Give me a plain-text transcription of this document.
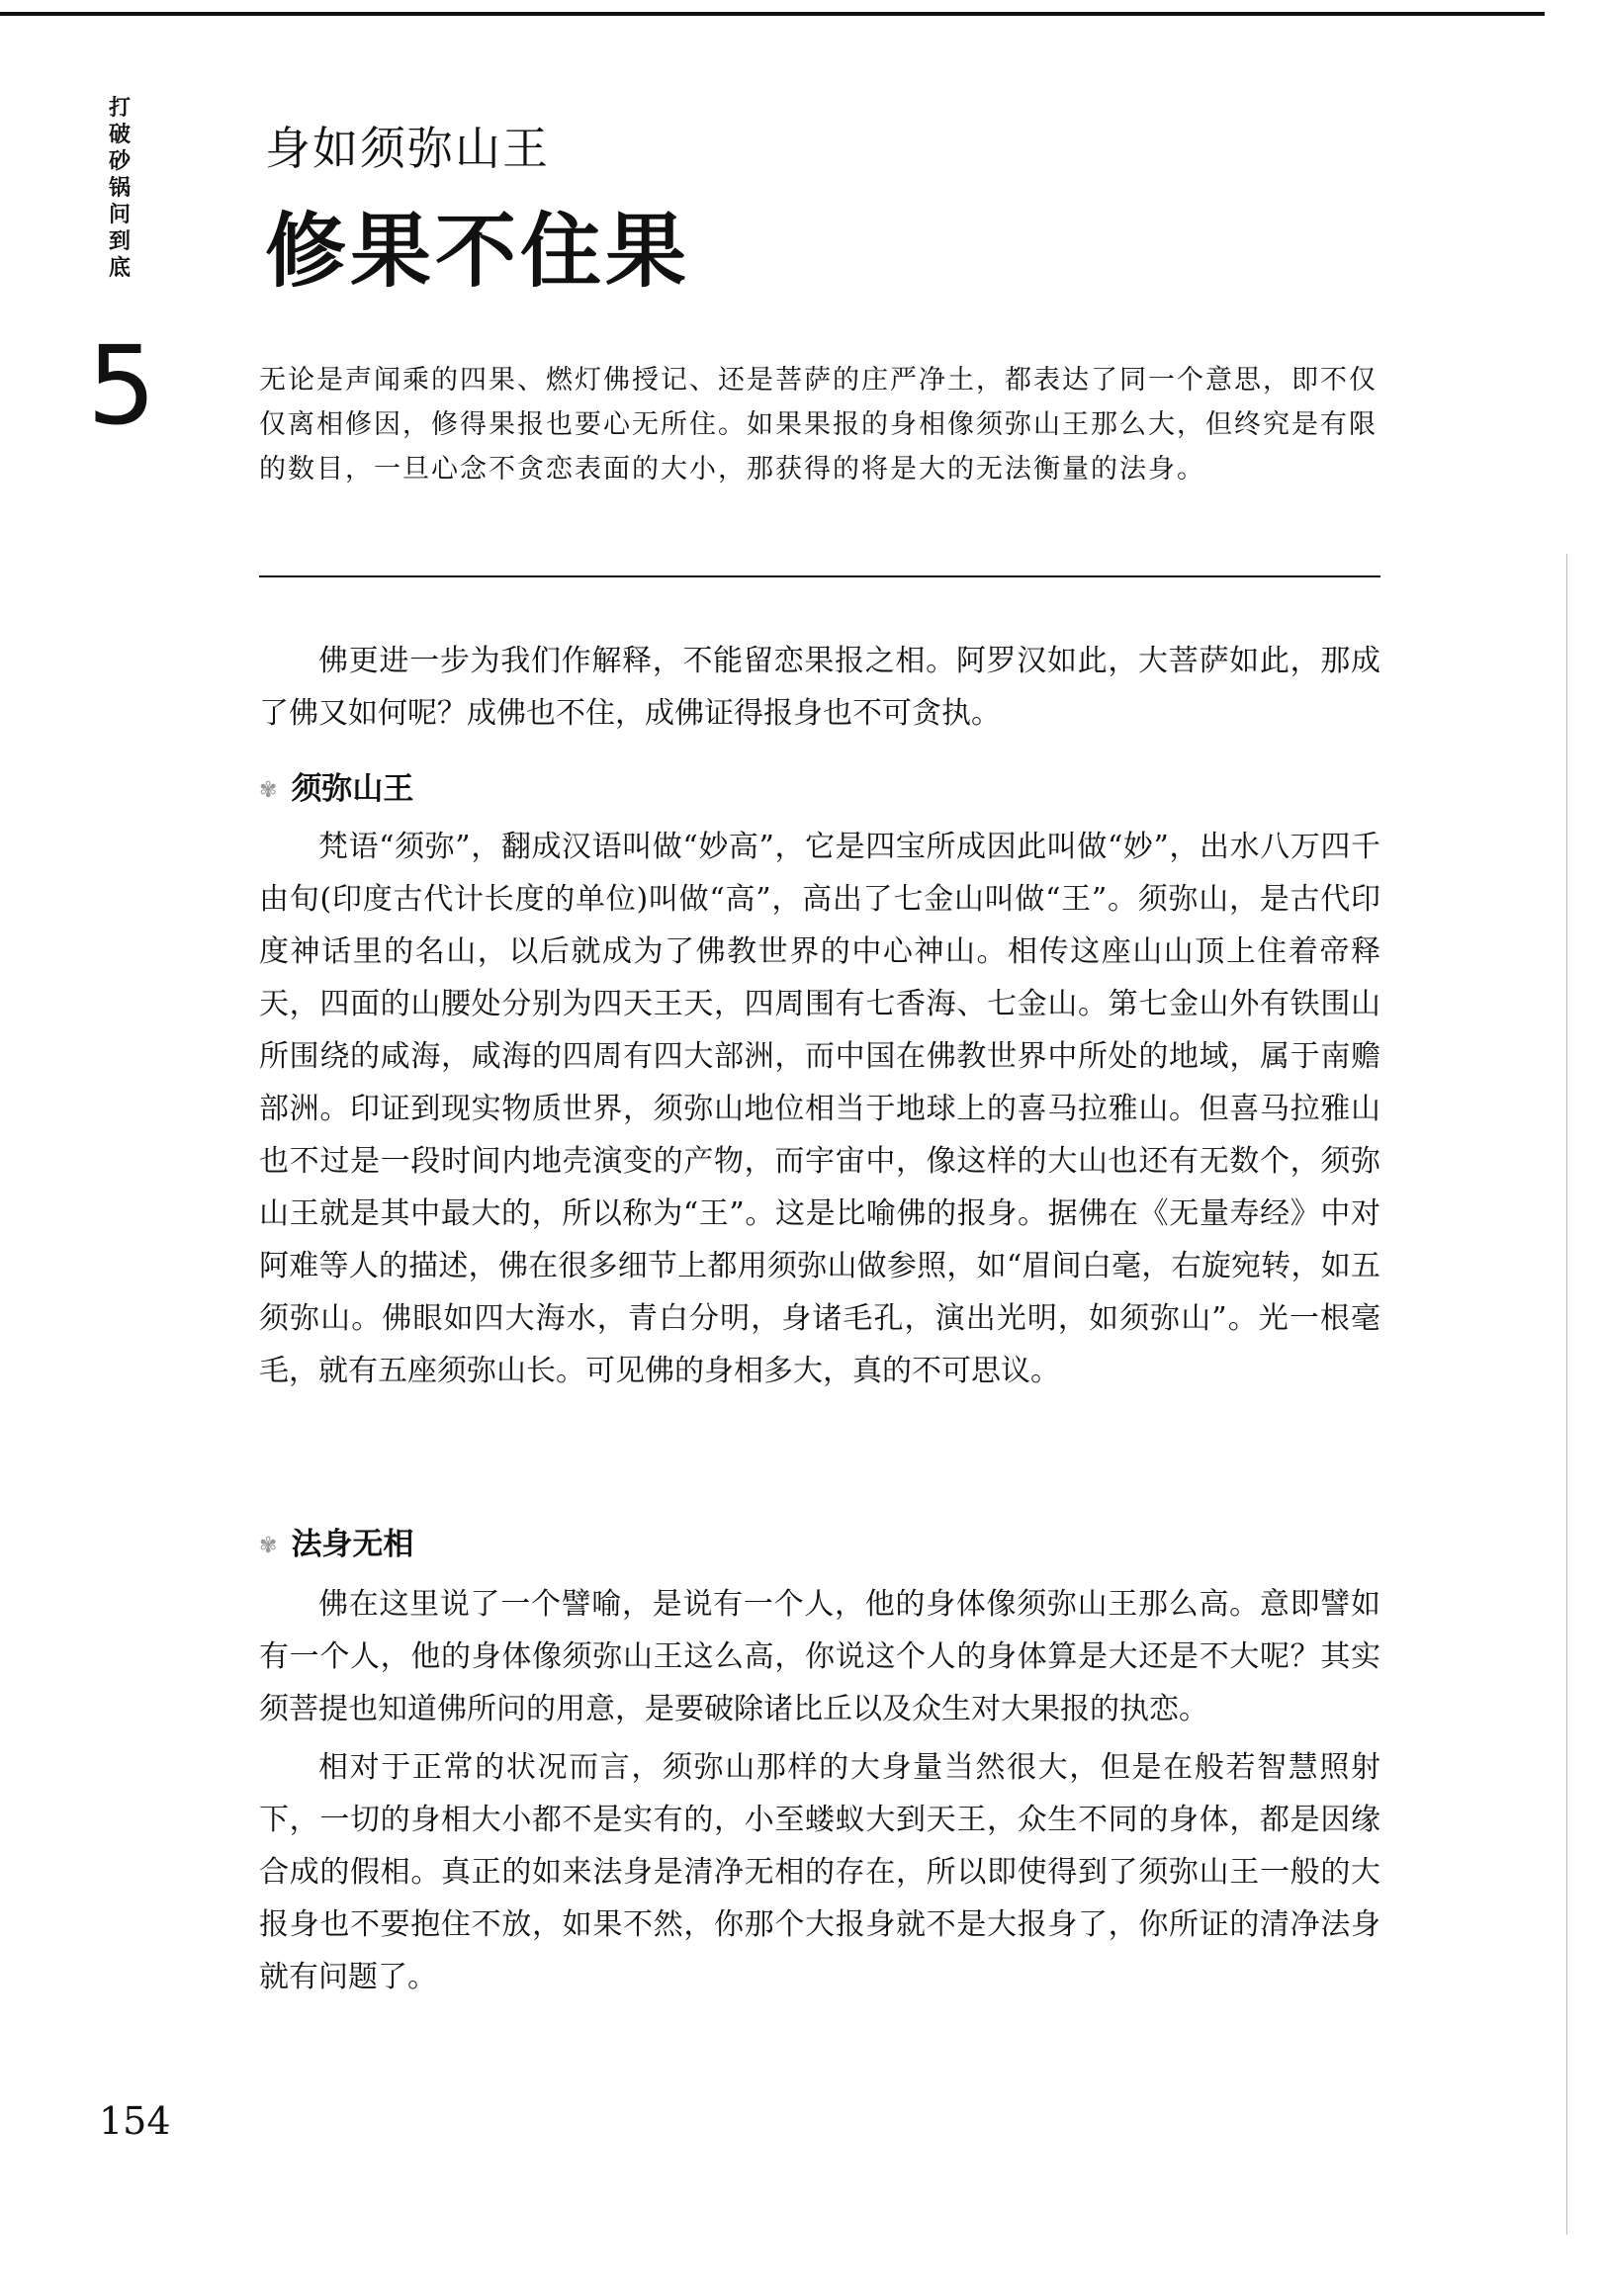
打
破
砂
锅
问
到
底
5
身如须弥山王
修果不住果

无论是声闻乘的四果、燃灯佛授记、还是菩萨的庄严净土，都表达了同一个意思，即不仅仅离相修因，修得果报也要心无所住。如果果报的身相像须弥山王那么大，但终究是有限的数目，一旦心念不贪恋表面的大小，那获得的将是大的无法衡量的法身。

佛更进一步为我们作解释，不能留恋果报之相。阿罗汉如此，大菩萨如此，那成了佛又如何呢？成佛也不住，成佛证得报身也不可贪执。

✾ 须弥山王

梵语“须弥”，翻成汉语叫做“妙高”，它是四宝所成因此叫做“妙”，出水八万四千由旬(印度古代计长度的单位)叫做“高”，高出了七金山叫做“王”。须弥山，是古代印度神话里的名山，以后就成为了佛教世界的中心神山。相传这座山山顶上住着帝释天，四面的山腰处分别为四天王天，四周围有七香海、七金山。第七金山外有铁围山所围绕的咸海，咸海的四周有四大部洲，而中国在佛教世界中所处的地域，属于南赡部洲。印证到现实物质世界，须弥山地位相当于地球上的喜马拉雅山。但喜马拉雅山也不过是一段时间内地壳演变的产物，而宇宙中，像这样的大山也还有无数个，须弥山王就是其中最大的，所以称为“王”。这是比喻佛的报身。据佛在《无量寿经》中对阿难等人的描述，佛在很多细节上都用须弥山做参照，如“眉间白毫，右旋宛转，如五须弥山。佛眼如四大海水，青白分明，身诸毛孔，演出光明，如须弥山”。光一根毫毛，就有五座须弥山长。可见佛的身相多大，真的不可思议。

✾ 法身无相

佛在这里说了一个譬喻，是说有一个人，他的身体像须弥山王那么高。意即譬如有一个人，他的身体像须弥山王这么高，你说这个人的身体算是大还是不大呢？其实须菩提也知道佛所问的用意，是要破除诸比丘以及众生对大果报的执恋。

相对于正常的状况而言，须弥山那样的大身量当然很大，但是在般若智慧照射下，一切的身相大小都不是实有的，小至蝼蚁大到天王，众生不同的身体，都是因缘合成的假相。真正的如来法身是清净无相的存在，所以即使得到了须弥山王一般的大报身也不要抱住不放，如果不然，你那个大报身就不是大报身了，你所证的清净法身就有问题了。

154
